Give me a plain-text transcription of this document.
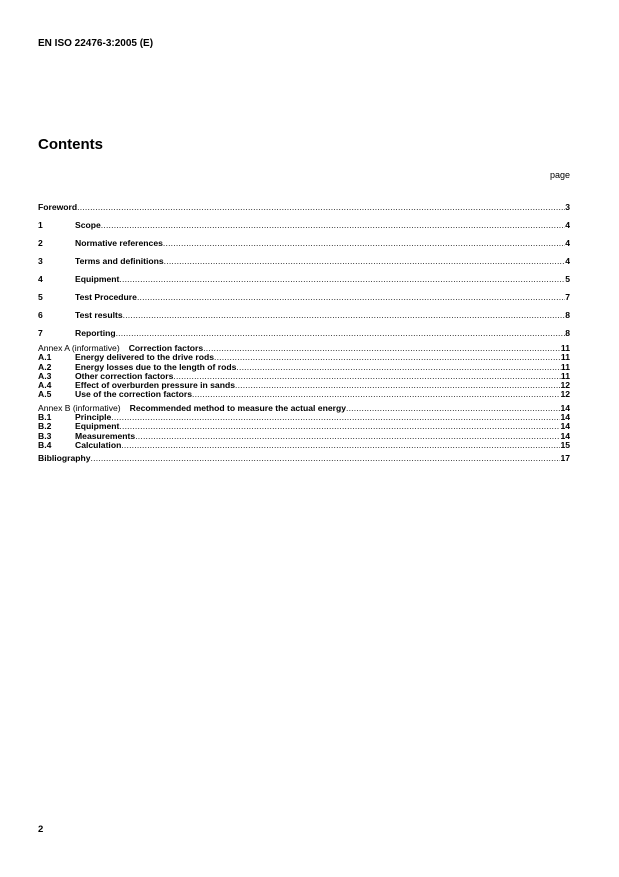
EN ISO 22476-3:2005 (E)
Contents
page
Foreword .....	3
1	Scope .....	4
2	Normative references .....	4
3	Terms and definitions .....	4
4	Equipment .....	5
5	Test Procedure .....	7
6	Test results .....	8
7	Reporting .....	8
Annex A (informative) Correction factors .....	11
A.1	Energy delivered to the drive rods .....	11
A.2	Energy losses due to the length of rods .....	11
A.3	Other correction factors .....	11
A.4	Effect of overburden pressure in sands .....	12
A.5	Use of the correction factors .....	12
Annex B (informative) Recommended method to measure the actual energy .....	14
B.1	Principle .....	14
B.2	Equipment .....	14
B.3	Measurements .....	14
B.4	Calculation .....	15
Bibliography .....	17
2
